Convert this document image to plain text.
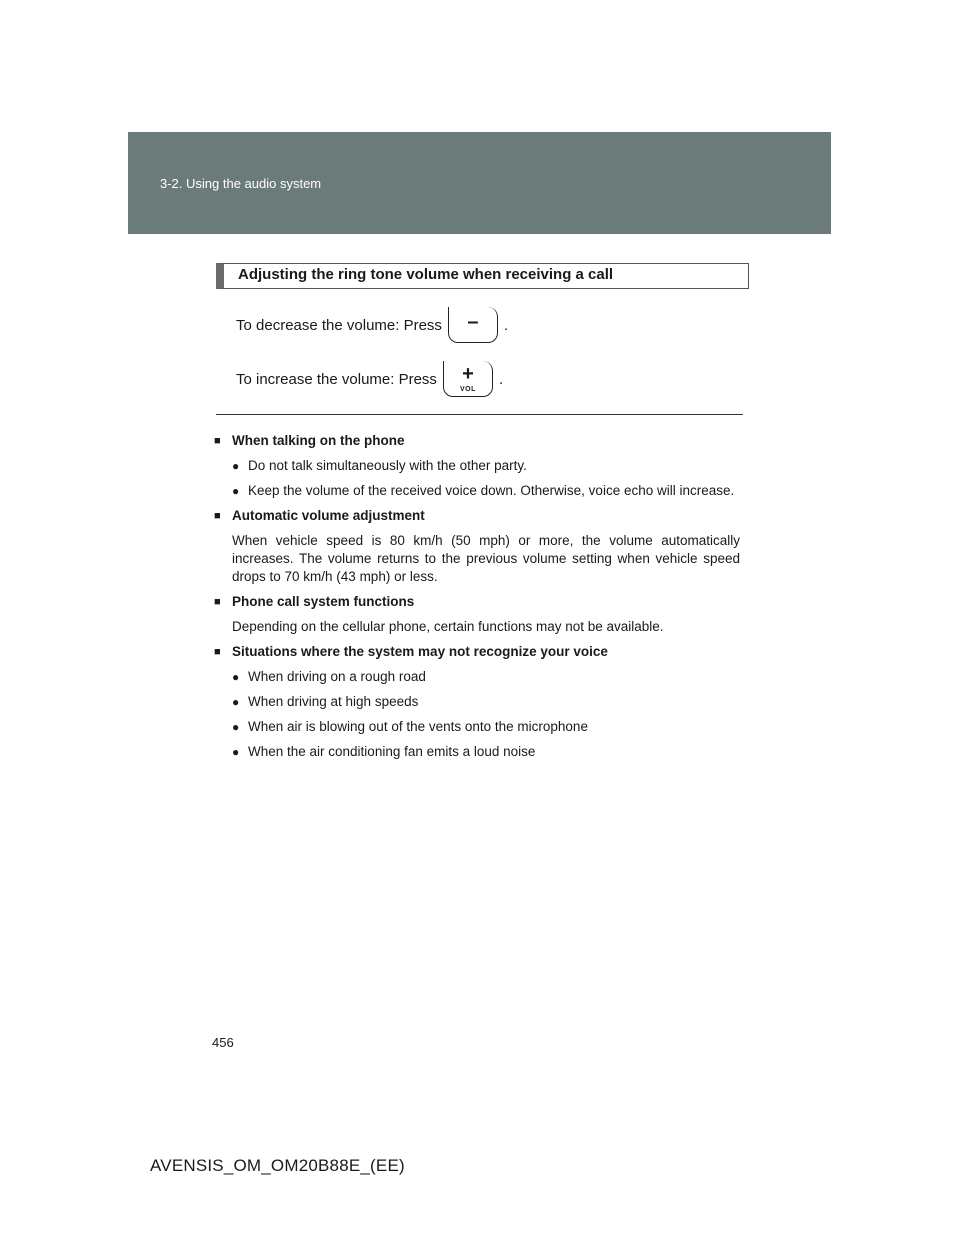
3-2. Using the audio system
Adjusting the ring tone volume when receiving a call
To decrease the volume: Press	–	.
To increase the volume: Press	+
VOL
.
■ When talking on the phone
● Do not talk simultaneously with the other party.
● Keep the volume of the received voice down. Otherwise, voice echo will increase.
■ Automatic volume adjustment
When vehicle speed is 80 km/h (50 mph) or more, the volume automatically increases. The volume returns to the previous volume setting when vehicle speed drops to 70 km/h (43 mph) or less.
■ Phone call system functions
Depending on the cellular phone, certain functions may not be available.
■ Situations where the system may not recognize your voice
● When driving on a rough road
● When driving at high speeds
● When air is blowing out of the vents onto the microphone
● When the air conditioning fan emits a loud noise
456
AVENSIS_OM_OM20B88E_(EE)
